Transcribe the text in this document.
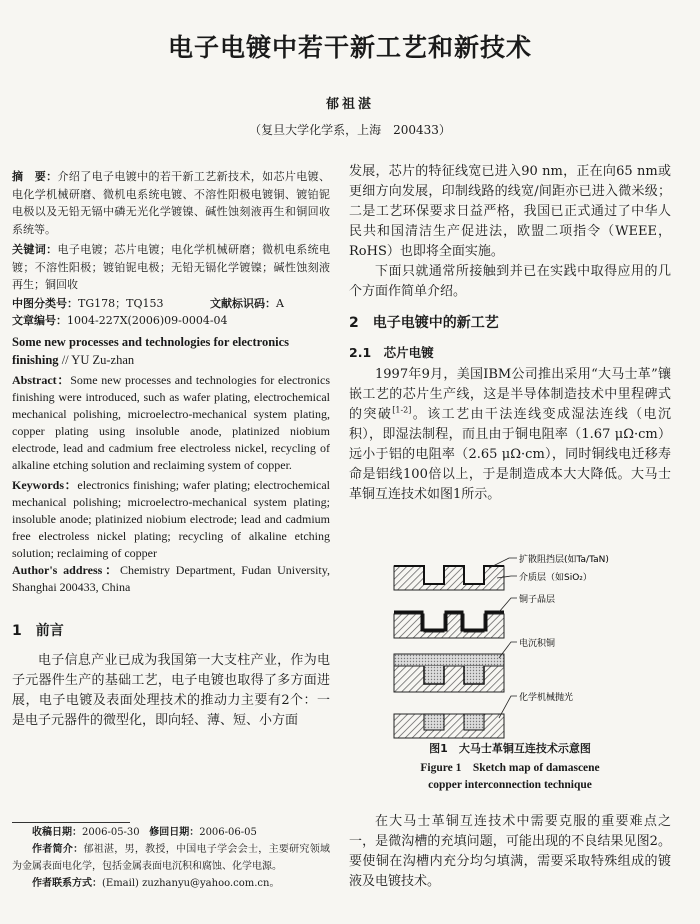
电子电镀中若干新工艺和新技术
郁祖湛
（复旦大学化学系，上海　200433）

摘　要：介绍了电子电镀中的若干新工艺新技术，如芯片电镀、电化学机械研磨、微机电系统电镀、不溶性阳极电镀铜、镀铂铌电极以及无铅无镉中磷无光化学镀镍、碱性蚀刻液再生和铜回收系统等。

关键词：电子电镀；芯片电镀；电化学机械研磨；微机电系统电镀；不溶性阳极；镀铂铌电极；无铅无镉化学镀镍；碱性蚀刻液再生；铜回收

中图分类号：TG178；TQ153	文献标识码：A

文章编号：1004-227X(2006)09-0004-04

Some new processes and technologies for electronics finishing // YU Zu-zhan

Abstract：Some new processes and technologies for electronics finishing were introduced, such as wafer plating, electrochemical mechanical polishing, microelectro-mechanical system plating, copper plating using insoluble anode, platinized niobium electrode, lead and cadmium free electroless nickel, recycling of alkaline etching solution and reclaiming system of copper.

Keywords：electronics finishing; wafer plating; electrochemical mechanical polishing; microelectro-mechanical system plating; insoluble anode; platinized niobium electrode; lead and cadmium free electroless nickel plating; recycling of alkaline etching solution; reclaiming of copper

Author's address：Chemistry Department, Fudan University, Shanghai 200433, China

1　前言

电子信息产业已成为我国第一大支柱产业，作为电子元器件生产的基础工艺，电子电镀也取得了多方面进展，电子电镀及表面处理技术的推动力主要有2个：一是电子元器件的微型化，即向轻、薄、短、小方面

收稿日期：2006-05-30 修回日期：2006-06-05
作者简介：郁祖湛，男，教授，中国电子学会会士，主要研究领域为金属表面电化学，包括金属表面电沉积和腐蚀、化学电源。
作者联系方式：(Email) zuzhanyu@yahoo.com.cn。

发展，芯片的特征线宽已进入90 nm，正在向65 nm或更细方向发展，印制线路的线宽/间距亦已进入微米级；二是工艺环保要求日益严格，我国已正式通过了中华人民共和国清洁生产促进法，欧盟二项指令（WEEE，RoHS）也即将全面实施。

下面只就通常所接触到并已在实践中取得应用的几个方面作简单介绍。

2　电子电镀中的新工艺

2.1　芯片电镀

1997年9月，美国IBM公司推出采用“大马士革”镶嵌工艺的芯片生产线，这是半导体制造技术中里程碑式的突破[1-2]。该工艺由干法连线变成湿法连线（电沉积），即湿法制程，而且由于铜电阻率（1.67 μΩ·cm）远小于铝的电阻率（2.65 μΩ·cm），同时铜线电迁移寿命是铝线100倍以上，于是制造成本大大降低。大马士革铜互连技术如图1所示。

扩散阻挡层(如Ta/TaN)
介质层（如SiO₂）
铜子晶层
电沉积铜
化学机械抛光
图1　大马士革铜互连技术示意图
Figure 1　Sketch map of damascene
copper interconnection technique

在大马士革铜互连技术中需要克服的重要难点之一，是微沟槽的充填问题，可能出现的不良结果见图2。要使铜在沟槽内充分均匀填满，需要采取特殊组成的镀液及电镀技术。
